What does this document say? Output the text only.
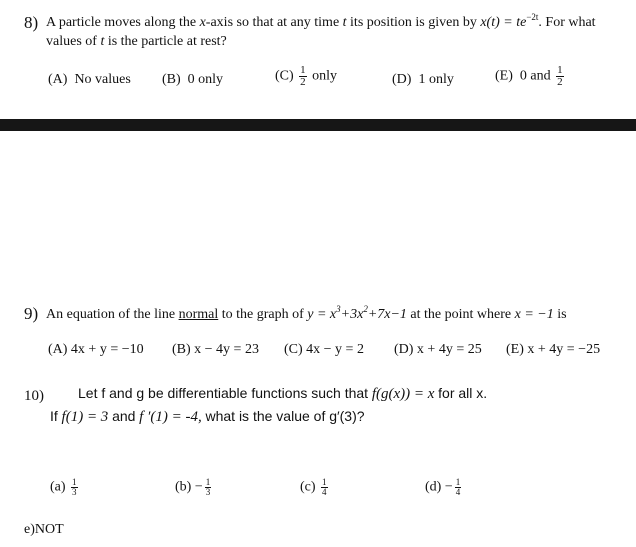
8) A particle moves along the x-axis so that at any time t its position is given by $x(t) = te^{-2t}$. For what
values of t is the particle at rest?
(A) No values (B) 0 only	$(C) \frac{1}{2}$ only	(D) 1 only	(E) 0 and $\frac{1}{2}$
9) An equation of the line normal to the graph of $y = x^3+3x^2+7x-1$ at the point where x = −1 is
(A) 4x + y = −10 (B) x − 4y = 23 (C) 4x − y = 2 (D) x + 4y = 25 (E) x + 4y = −25
10) Let f and g be differentiable functions such that f(g(x)) = x for all x.
If f(1) = 3 and f ′(1) = -4, what is the value of g′(3)?
$(a) \frac{1}{3}$	$(b) - \frac{1}{3}$	$(c) \frac{1}{4}$	$(d) - \frac{1}{4}$
e)NOT
